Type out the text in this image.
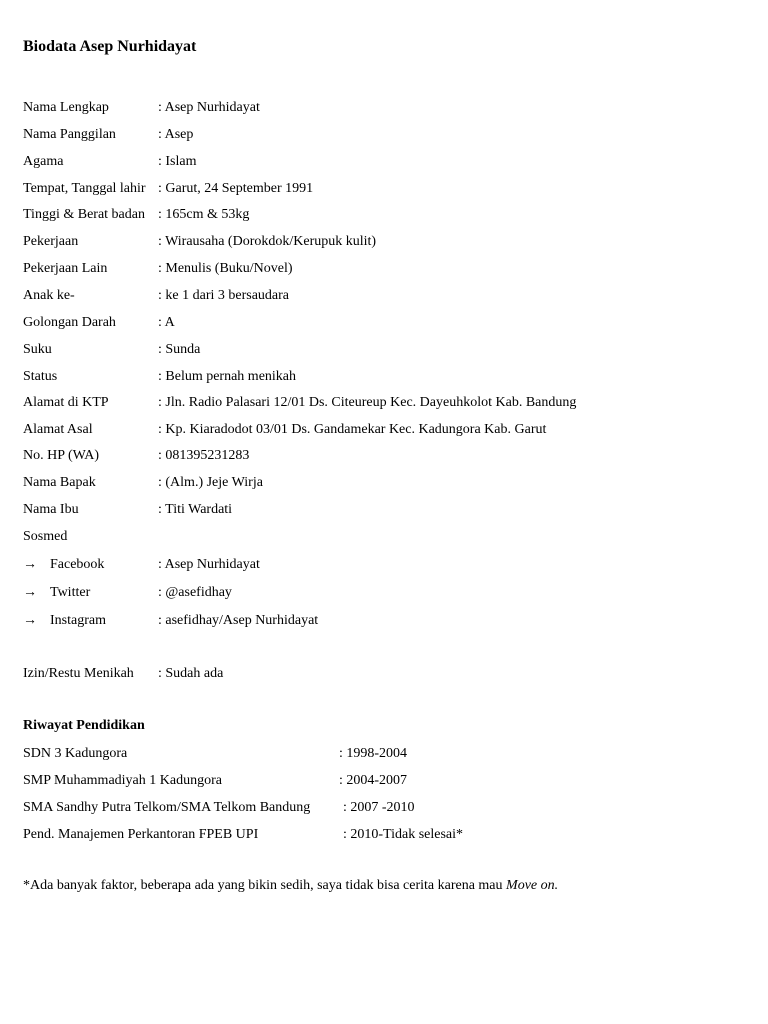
Biodata Asep Nurhidayat
Nama Lengkap	: Asep Nurhidayat
Nama Panggilan	: Asep
Agama	: Islam
Tempat, Tanggal lahir : Garut, 24 September 1991
Tinggi & Berat badan : 165cm & 53kg
Pekerjaan	: Wirausaha (Dorokdok/Kerupuk kulit)
Pekerjaan Lain	: Menulis (Buku/Novel)
Anak ke-	: ke 1 dari 3 bersaudara
Golongan Darah	: A
Suku	: Sunda
Status	: Belum pernah menikah
Alamat di KTP	: Jln. Radio Palasari 12/01 Ds. Citeureup Kec. Dayeuhkolot Kab. Bandung
Alamat Asal	: Kp. Kiaradodot 03/01 Ds. Gandamekar Kec. Kadungora Kab. Garut
No. HP (WA)	: 081395231283
Nama Bapak	: (Alm.) Jeje Wirja
Nama Ibu	: Titi Wardati
Sosmed
→ Facebook	: Asep Nurhidayat
→ Twitter	: @asefidhay
→ Instagram	: asefidhay/Asep Nurhidayat
Izin/Restu Menikah : Sudah ada
Riwayat Pendidikan
SDN 3 Kadungora	: 1998-2004
SMP Muhammadiyah 1 Kadungora	: 2004-2007
SMA Sandhy Putra Telkom/SMA Telkom Bandung : 2007 -2010
Pend. Manajemen Perkantoran FPEB UPI	: 2010-Tidak selesai*
*Ada banyak faktor, beberapa ada yang bikin sedih, saya tidak bisa cerita karena mau Move on.
